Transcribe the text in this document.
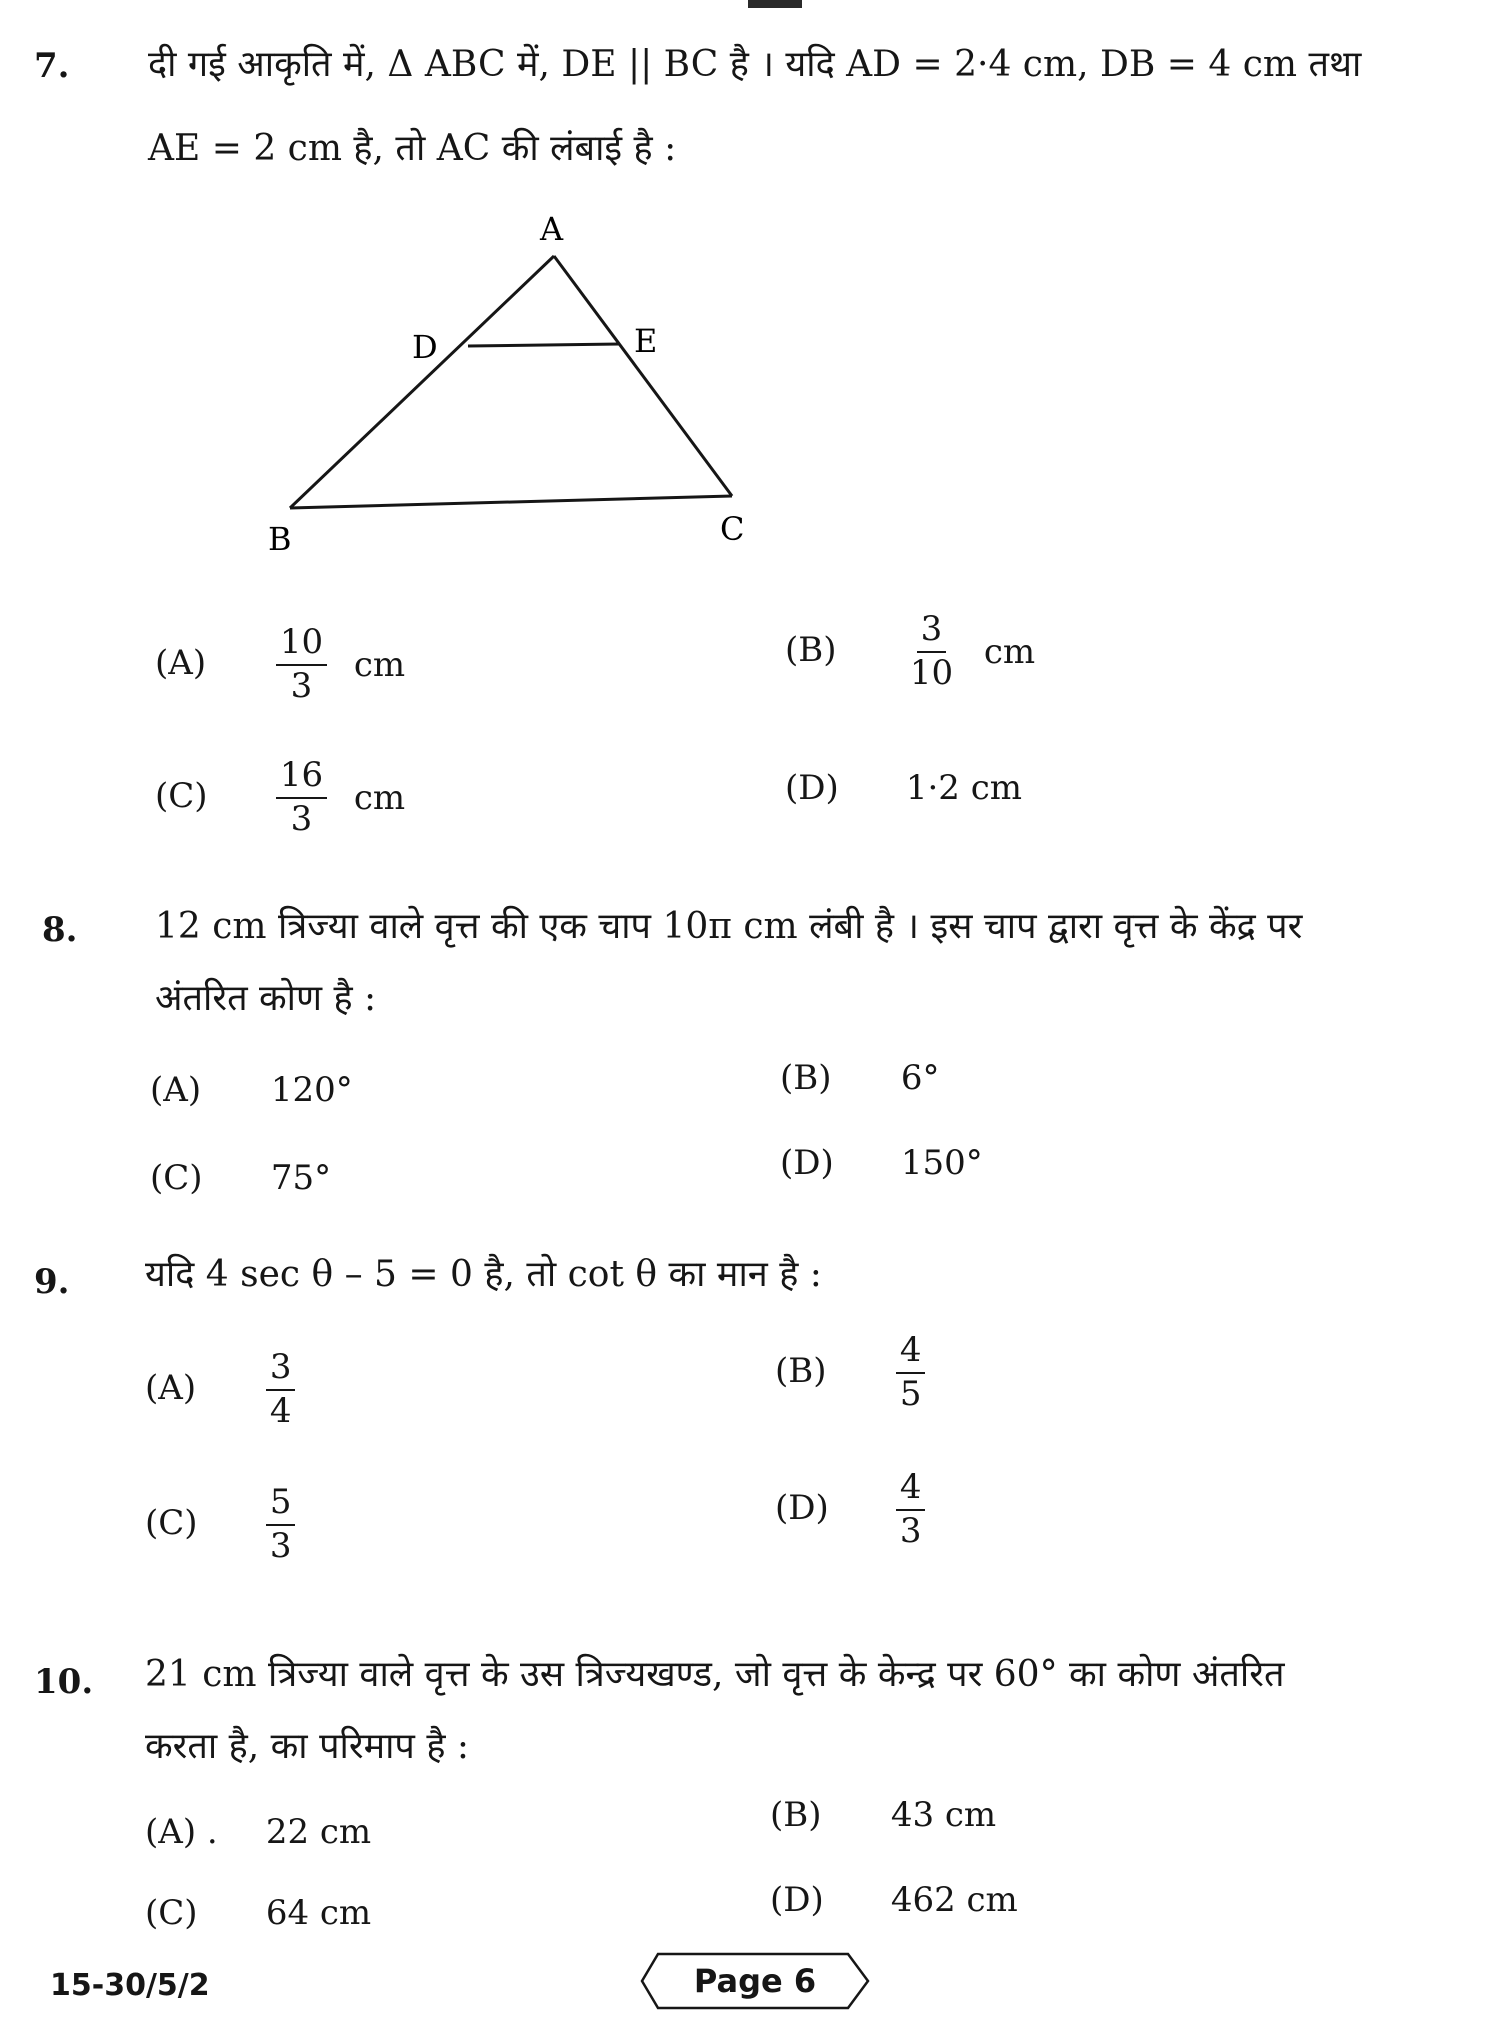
7. दी गई आकृति में, Δ ABC में, DE || BC है । यदि AD = 2·4 cm, DB = 4 cm तथा
AE = 2 cm है, तो AC की लंबाई है :
A
D	E
B	C
$(A) \frac{10}{3}$ cm	$(B) \frac{3}{10}$ cm
$(C) \frac{16}{3}$ cm	(D) 1·2 cm
8. 12 cm त्रिज्या वाले वृत्त की एक चाप 10π cm लंबी है । इस चाप द्वारा वृत्त के केंद्र पर
अंतरित कोण है :
(A) 120°	(B) 6°
(C) 75°	(D) 150°
9. यदि 4 sec θ – 5 = 0 है, तो cot θ का मान है :
$(A) \frac{3}{4}$	$(B) \frac{4}{5}$
$(C) \frac{5}{3}$	$(D) \frac{4}{3}$
10. 21 cm त्रिज्या वाले वृत्त के उस त्रिज्यखण्ड, जो वृत्त के केन्द्र पर 60° का कोण अंतरित
करता है, का परिमाप है :
(A) . 22 cm	(B) 43 cm
(C) 64 cm	(D) 462 cm
15-30/5/2	Page 6
